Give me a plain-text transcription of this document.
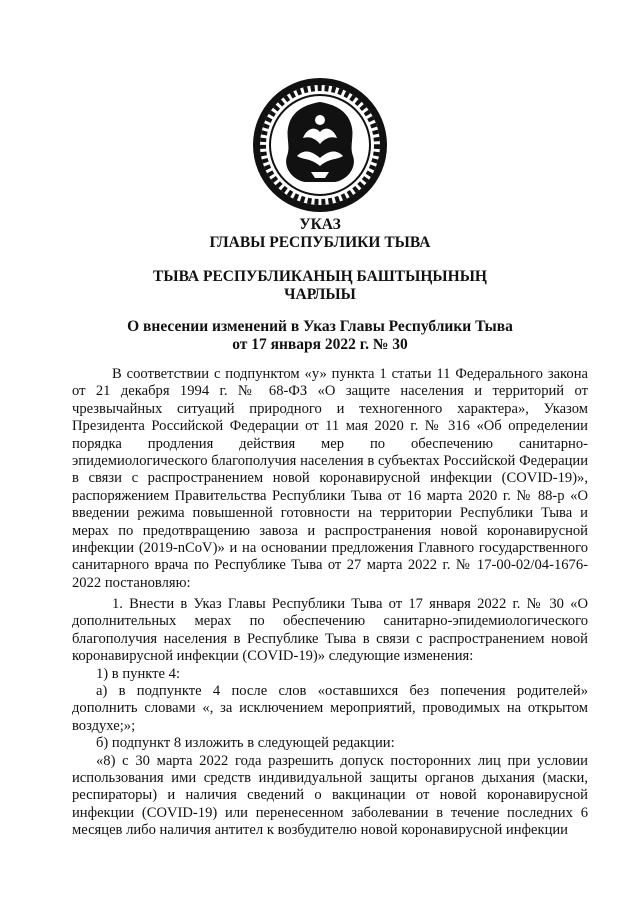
УКАЗ
ГЛАВЫ РЕСПУБЛИКИ ТЫВА
ТЫВА РЕСПУБЛИКАНЫҢ БАШТЫҢЫНЫҢ
ЧАРЛЫЫ
О внесении изменений в Указ Главы Республики Тыва
от 17 января 2022 г. № 30

В соответствии с подпунктом «у» пункта 1 статьи 11 Федерального закона от 21 декабря 1994 г. № 68-ФЗ «О защите населения и территорий от чрезвычайных ситуаций природного и техногенного характера», Указом Президента Российской Федерации от 11 мая 2020 г. № 316 «Об определении порядка продления действия мер по обеспечению санитарно-эпидемиологического благополучия населения в субъектах Российской Федерации в связи с распространением новой коронавирусной инфекции (COVID-19)», распоряжением Правительства Республики Тыва от 16 марта 2020 г. № 88-р «О введении режима повышенной готовности на территории Республики Тыва и мерах по предотвращению завоза и распространения новой коронавирусной инфекции (2019-nCoV)» и на основании предложения Главного государственного санитарного врача по Республике Тыва от 27 марта 2022 г. № 17-00-02/04-1676-2022 постановляю:

1. Внести в Указ Главы Республики Тыва от 17 января 2022 г. № 30 «О дополнительных мерах по обеспечению санитарно-эпидемиологического благополучия населения в Республике Тыва в связи с распространением новой коронавирусной инфекции (COVID-19)» следующие изменения:

1) в пункте 4:

а) в подпункте 4 после слов «оставшихся без попечения родителей» дополнить словами «, за исключением мероприятий, проводимых на открытом воздухе;»;

б) подпункт 8 изложить в следующей редакции:

«8) с 30 марта 2022 года разрешить допуск посторонних лиц при условии использования ими средств индивидуальной защиты органов дыхания (маски, респираторы) и наличия сведений о вакцинации от новой коронавирусной инфекции (COVID-19) или перенесенном заболевании в течение последних 6 месяцев либо наличия антител к возбудителю новой коронавирусной инфекции
